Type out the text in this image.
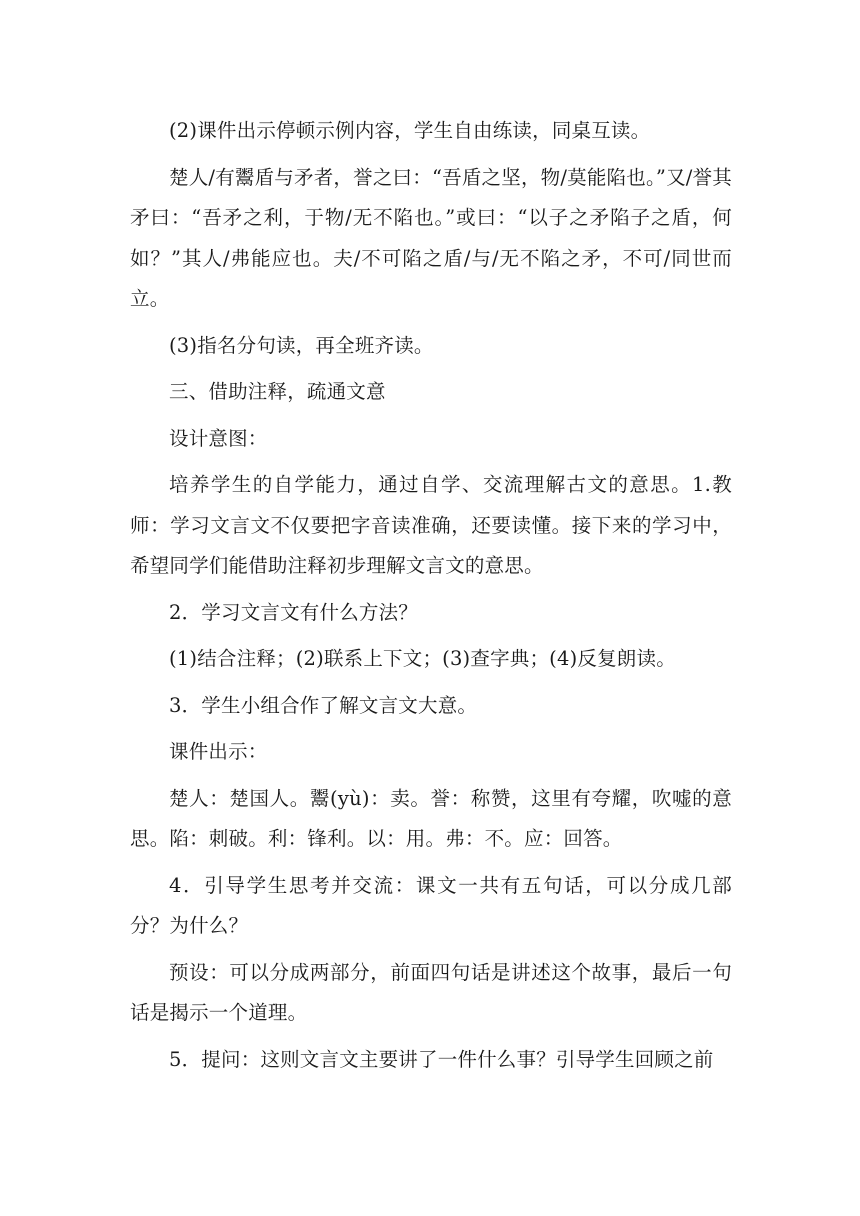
(2)课件出示停顿示例内容，学生自由练读，同桌互读。

楚人/有鬻盾与矛者，誉之曰：“吾盾之坚，物/莫能陷也。”又/誉其矛曰：“吾矛之利，于物/无不陷也。”或曰：“以子之矛陷子之盾，何如？”其人/弗能应也。夫/不可陷之盾/与/无不陷之矛，不可/同世而立。

(3)指名分句读，再全班齐读。

三、借助注释，疏通文意

设计意图：

培养学生的自学能力，通过自学、交流理解古文的意思。1.教师：学习文言文不仅要把字音读准确，还要读懂。接下来的学习中，希望同学们能借助注释初步理解文言文的意思。

2．学习文言文有什么方法？

(1)结合注释；(2)联系上下文；(3)查字典；(4)反复朗读。

3．学生小组合作了解文言文大意。

课件出示：

楚人：楚国人。鬻(yù)：卖。誉：称赞，这里有夸耀，吹嘘的意思。陷：刺破。利：锋利。以：用。弗：不。应：回答。

4．引导学生思考并交流：课文一共有五句话，可以分成几部分？为什么？

预设：可以分成两部分，前面四句话是讲述这个故事，最后一句话是揭示一个道理。

5．提问：这则文言文主要讲了一件什么事？引导学生回顾之前
